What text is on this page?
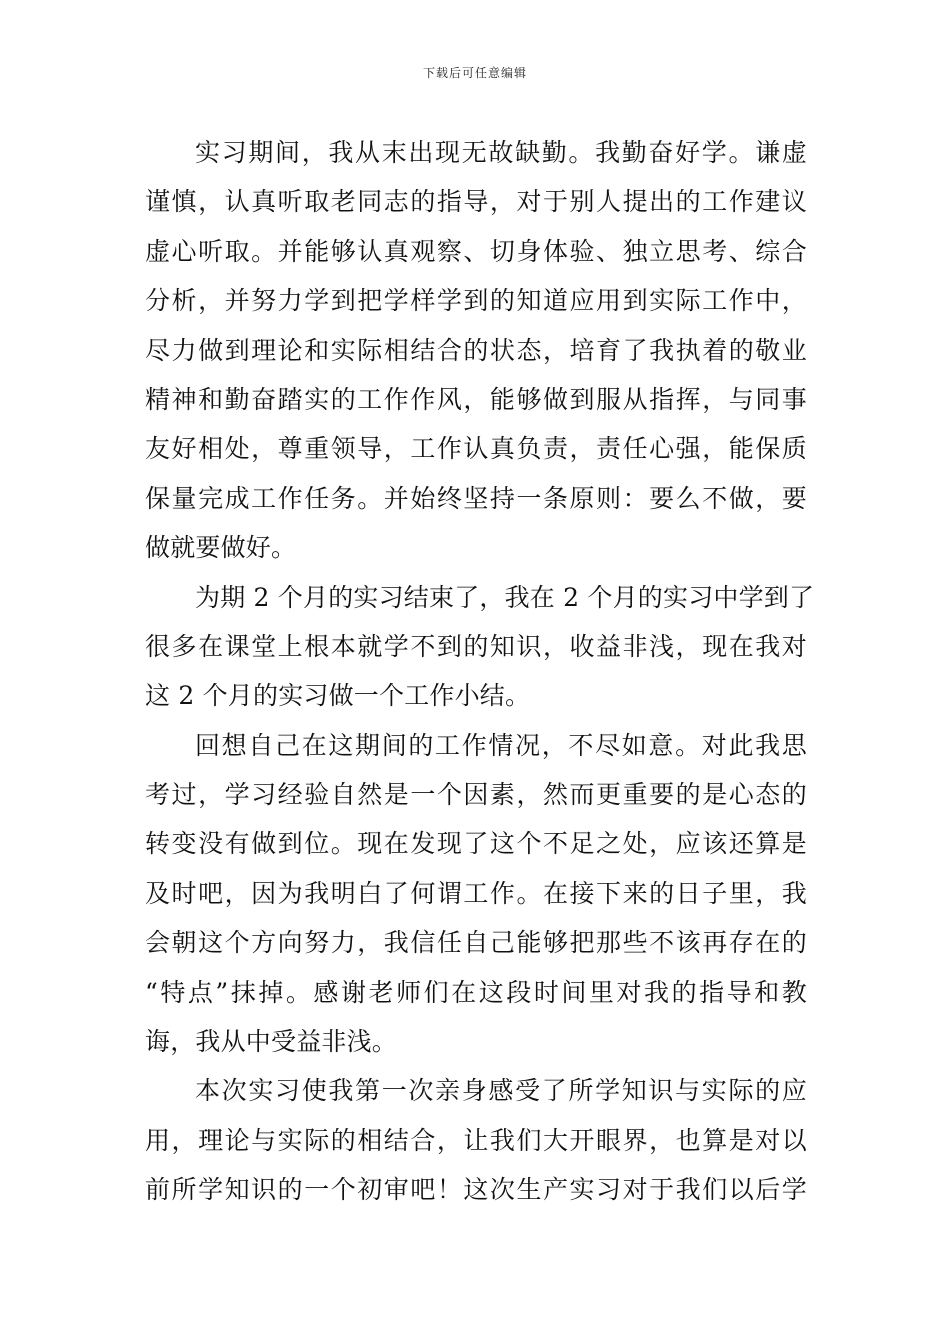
下载后可任意编辑
实习期间，我从末出现无故缺勤。我勤奋好学。谦虚
谨慎，认真听取老同志的指导，对于别人提出的工作建议
虚心听取。并能够认真观察、切身体验、独立思考、综合
分析，并努力学到把学样学到的知道应用到实际工作中，
尽力做到理论和实际相结合的状态，培育了我执着的敬业
精神和勤奋踏实的工作作风，能够做到服从指挥，与同事
友好相处，尊重领导，工作认真负责，责任心强，能保质
保量完成工作任务。并始终坚持一条原则：要么不做，要
做就要做好。
为期 2 个月的实习结束了，我在 2 个月的实习中学到了
很多在课堂上根本就学不到的知识，收益非浅，现在我对
这 2 个月的实习做一个工作小结。
回想自己在这期间的工作情况，不尽如意。对此我思
考过，学习经验自然是一个因素，然而更重要的是心态的
转变没有做到位。现在发现了这个不足之处，应该还算是
及时吧，因为我明白了何谓工作。在接下来的日子里，我
会朝这个方向努力，我信任自己能够把那些不该再存在的
“特点”抹掉。感谢老师们在这段时间里对我的指导和教
诲，我从中受益非浅。
本次实习使我第一次亲身感受了所学知识与实际的应
用，理论与实际的相结合，让我们大开眼界，也算是对以
前所学知识的一个初审吧！这次生产实习对于我们以后学
